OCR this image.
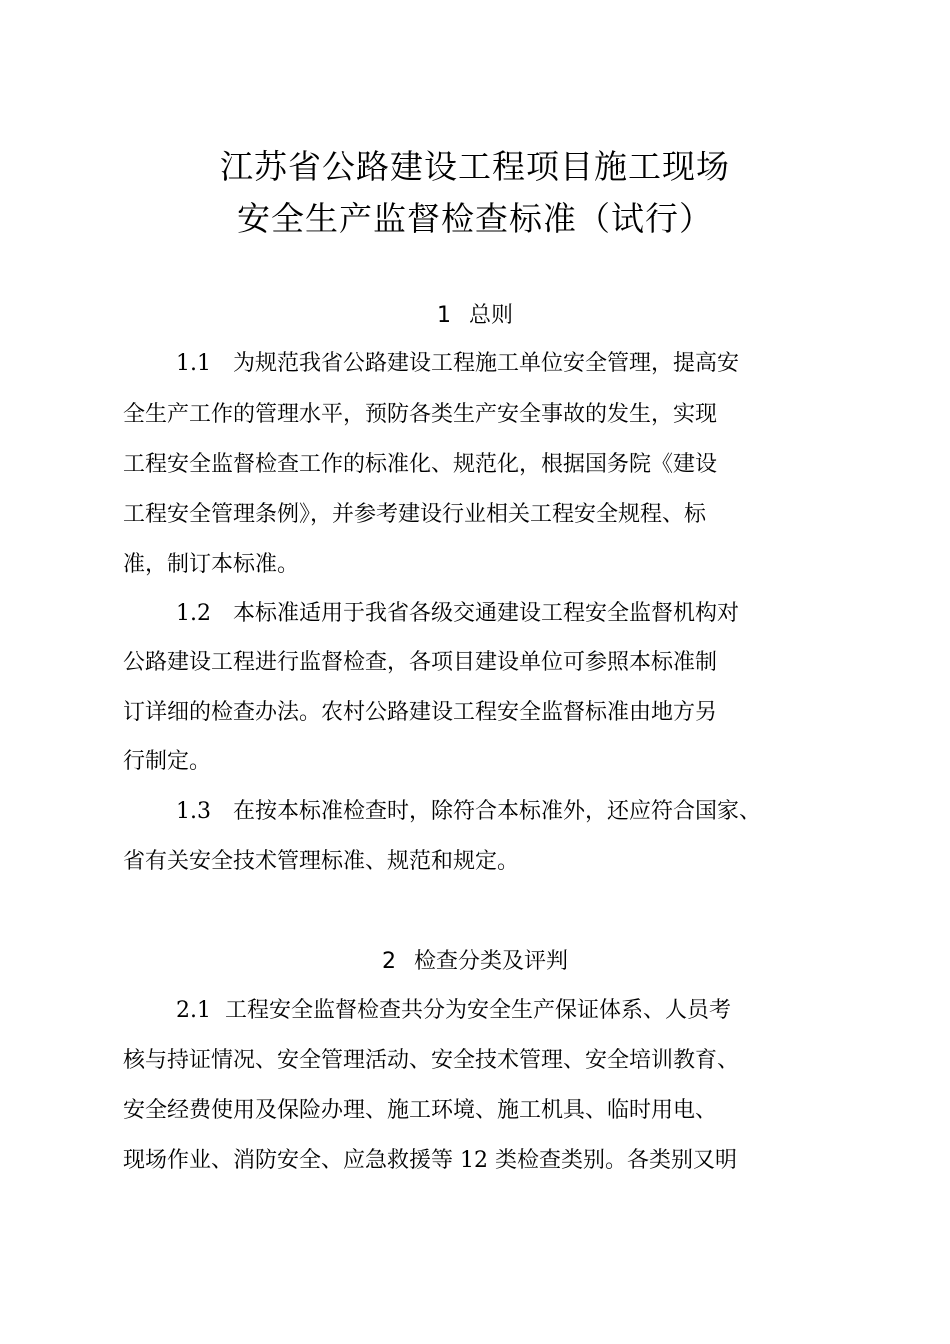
江苏省公路建设工程项目施工现场
安全生产监督检查标准（试行）
1 总则
1.1 为规范我省公路建设工程施工单位安全管理，提高安
全生产工作的管理水平，预防各类生产安全事故的发生，实现
工程安全监督检查工作的标准化、规范化，根据国务院《建设
工程安全管理条例》，并参考建设行业相关工程安全规程、标
准，制订本标准。
1.2 本标准适用于我省各级交通建设工程安全监督机构对
公路建设工程进行监督检查，各项目建设单位可参照本标准制
订详细的检查办法。农村公路建设工程安全监督标准由地方另
行制定。
1.3 在按本标准检查时，除符合本标准外，还应符合国家、
省有关安全技术管理标准、规范和规定。
2 检查分类及评判
2.1 工程安全监督检查共分为安全生产保证体系、人员考
核与持证情况、安全管理活动、安全技术管理、安全培训教育、
安全经费使用及保险办理、施工环境、施工机具、临时用电、
现场作业、消防安全、应急救援等 12 类检查类别。各类别又明
